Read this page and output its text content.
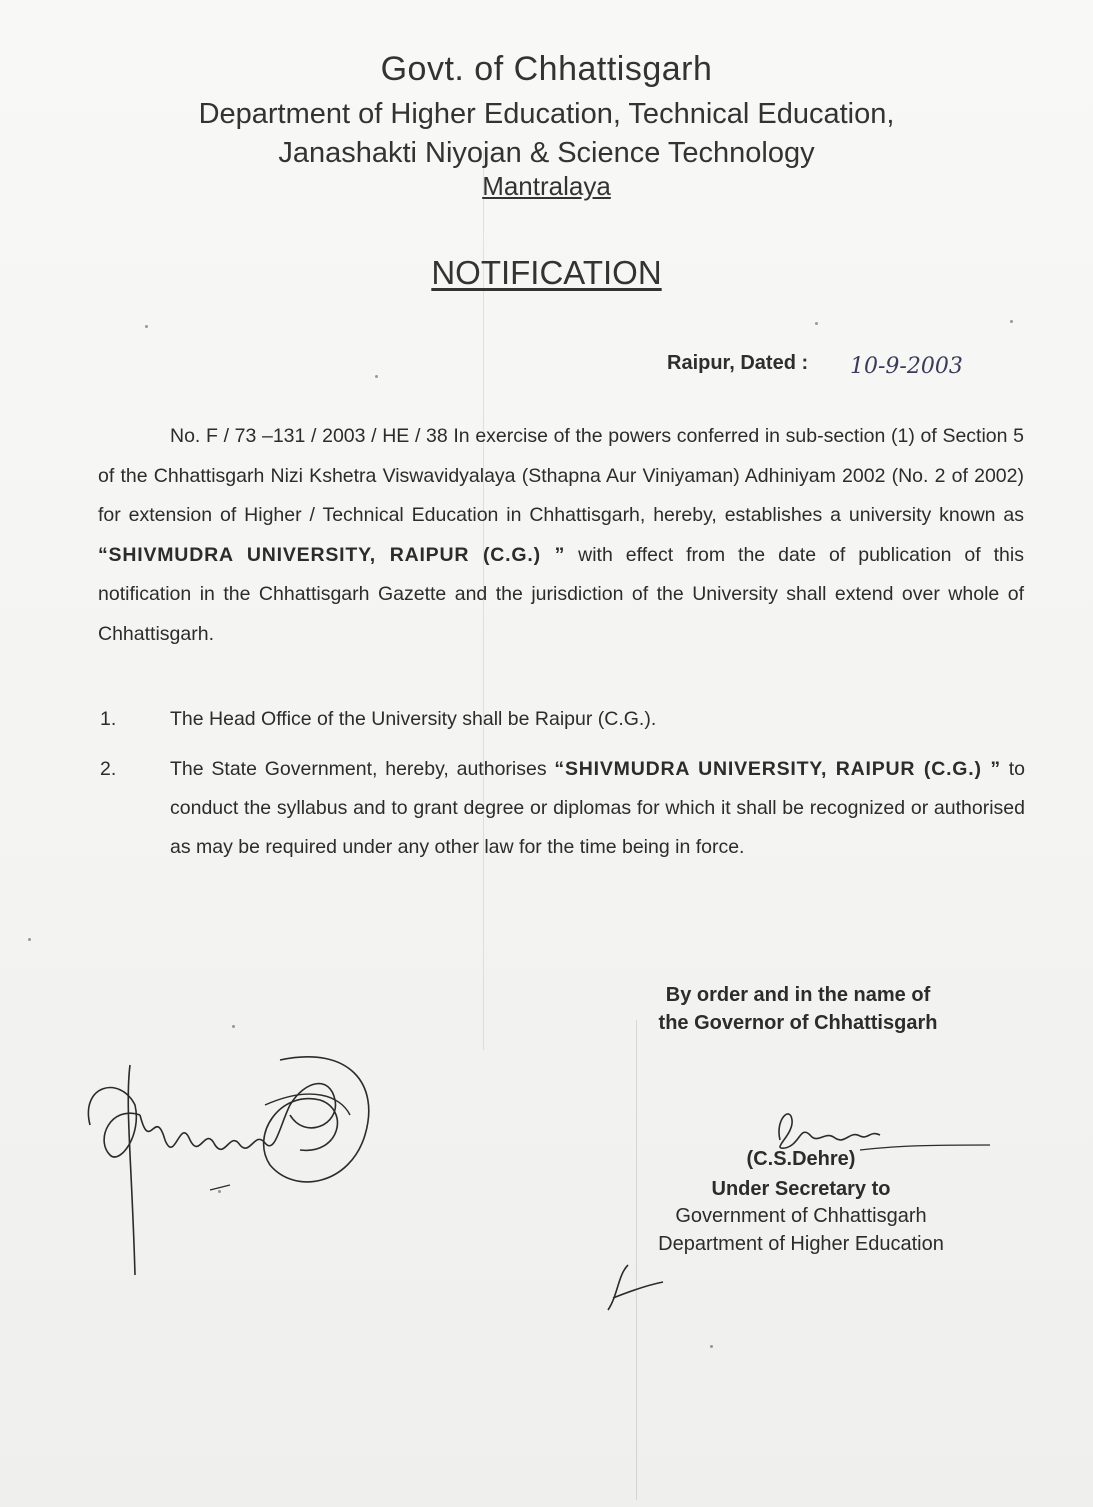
Govt. of Chhattisgarh
Department of Higher Education, Technical Education,
Janashakti Niyojan & Science Technology
Mantralaya
NOTIFICATION
Raipur, Dated : 10-9-2003
No. F / 73 –131 / 2003 / HE / 38 In exercise of the powers conferred in sub-section (1) of Section 5 of the Chhattisgarh Nizi Kshetra Viswavidyalaya (Sthapna Aur Viniyaman) Adhiniyam 2002 (No. 2 of 2002) for extension of Higher / Technical Education in Chhattisgarh, hereby, establishes a university known as “SHIVMUDRA UNIVERSITY, RAIPUR (C.G.) ” with effect from the date of publication of this notification in the Chhattisgarh Gazette and the jurisdiction of the University shall extend over whole of Chhattisgarh.
1.	The Head Office of the University shall be Raipur (C.G.).
2.	The State Government, hereby, authorises “SHIVMUDRA UNIVERSITY, RAIPUR (C.G.) ” to conduct the syllabus and to grant degree or diplomas for which it shall be recognized or authorised as may be required under any other law for the time being in force.
By order and in the name of
the Governor of Chhattisgarh
(C.S.Dehre)
Under Secretary to
Government of Chhattisgarh
Department of Higher Education
